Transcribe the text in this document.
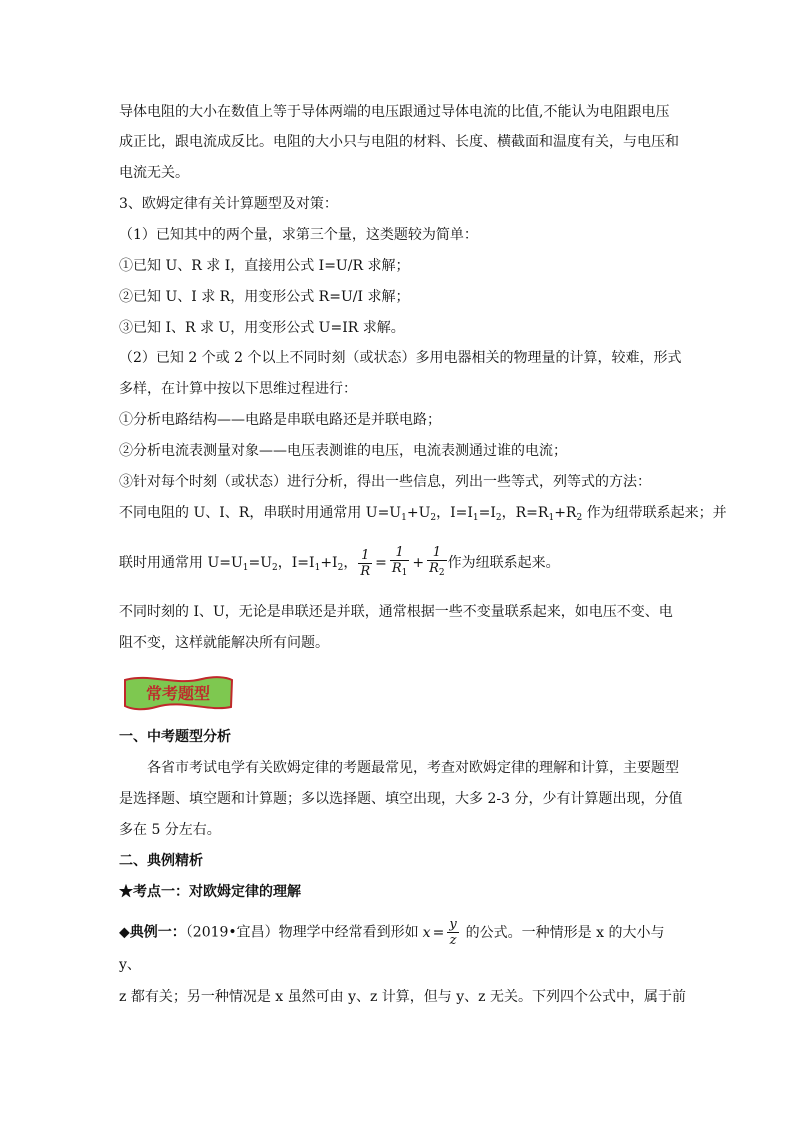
导体电阻的大小在数值上等于导体两端的电压跟通过导体电流的比值,不能认为电阻跟电压
成正比，跟电流成反比。电阻的大小只与电阻的材料、长度、横截面和温度有关，与电压和
电流无关。
3、欧姆定律有关计算题型及对策：
（1）已知其中的两个量，求第三个量，这类题较为简单：
①已知 U、R 求 I，直接用公式 I=U/R 求解；
②已知 U、I 求 R，用变形公式 R=U/I 求解；
③已知 I、R 求 U，用变形公式 U=IR 求解。
（2）已知 2 个或 2 个以上不同时刻（或状态）多用电器相关的物理量的计算，较难，形式
多样，在计算中按以下思维过程进行：
①分析电路结构——电路是串联电路还是并联电路；
②分析电流表测量对象——电压表测谁的电压，电流表测通过谁的电流；
③针对每个时刻（或状态）进行分析，得出一些信息，列出一些等式，列等式的方法：
不同电阻的 U、I、R，串联时用通常用 $U=U_1+U_2$，$I=I_1=I_2$，$R=R_1+R_2$ 作为纽带联系起来；并
联时用通常用 $U=U_1=U_2$，$I=I_1+I_2$， $\frac{1}{R} = \frac{1}{R_1} + \frac{1}{R_2}$ 作为纽联系起来。
不同时刻的 I、U，无论是串联还是并联，通常根据一些不变量联系起来，如电压不变、电
阻不变，这样就能解决所有问题。
常考题型
一、中考题型分析
各省市考试电学有关欧姆定律的考题最常见，考查对欧姆定律的理解和计算，主要题型
是选择题、填空题和计算题；多以选择题、填空出现，大多 2-3 分，少有计算题出现，分值
多在 5 分左右。
二、典例精析
★考点一：对欧姆定律的理解
◆典例一：（2019•宜昌）物理学中经常看到形如 $x = \frac{y}{z}$ 的公式。一种情形是 x 的大小与
y、
z 都有关；另一种情况是 x 虽然可由 y、z 计算，但与 y、z 无关。下列四个公式中，属于前
